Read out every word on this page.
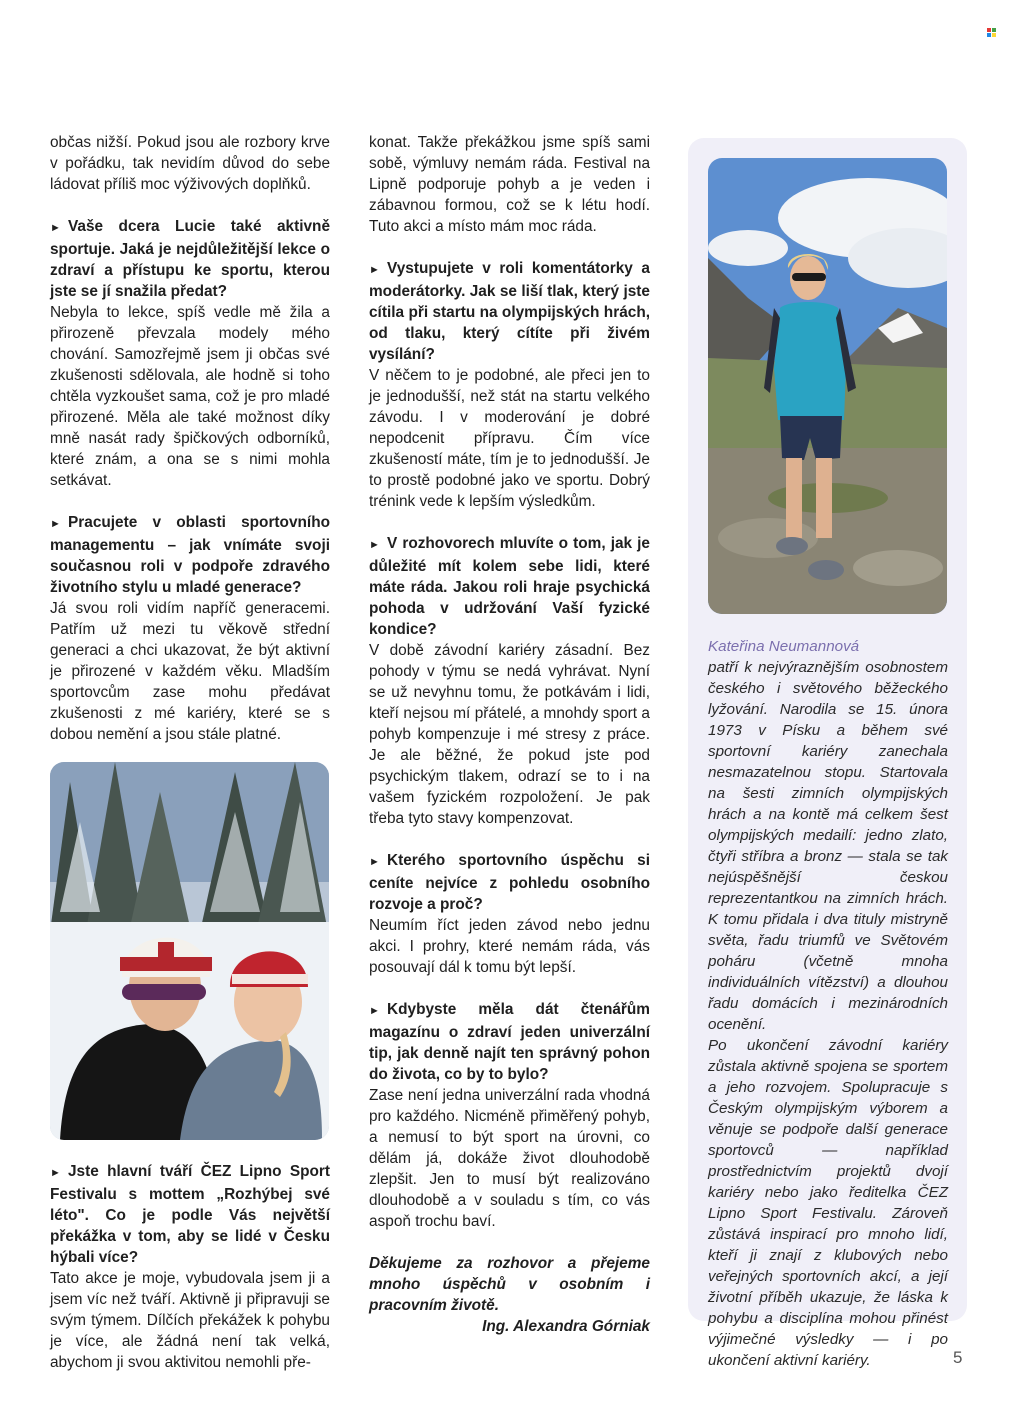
občas nižší. Pokud jsou ale rozbory krve v pořádku, tak nevidím důvod do sebe ládovat příliš moc výživových doplňků.

► Vaše dcera Lucie také aktivně sportuje. Jaká je nejdůležitější lekce o zdraví a přístupu ke sportu, kterou jste se jí snažila předat?

Nebyla to lekce, spíš vedle mě žila a přirozeně převzala modely mého chování. Samozřejmě jsem ji občas své zkušenosti sdělovala, ale hodně si toho chtěla vyzkoušet sama, což je pro mladé přirozené. Měla ale také možnost díky mně nasát rady špičkových odborníků, které znám, a ona se s nimi mohla setkávat.

► Pracujete v oblasti sportovního managementu – jak vnímáte svoji současnou roli v podpoře zdravého životního stylu u mladé generace?

Já svou roli vidím napříč generacemi. Patřím už mezi tu věkově střední generaci a chci ukazovat, že být aktivní je přirozené v každém věku. Mladším sportovcům zase mohu předávat zkušenosti z mé kariéry, které se s dobou nemění a jsou stále platné.

► Jste hlavní tváří ČEZ Lipno Sport Festivalu s mottem „Rozhýbej své léto". Co je podle Vás největší překážka v tom, aby se lidé v Česku hýbali více?

Tato akce je moje, vybudovala jsem ji a jsem víc než tváří. Aktivně ji připravuji se svým týmem. Dílčích překážek k pohybu je více, ale žádná není tak velká, abychom ji svou aktivitou nemohli pře-

konat. Takže překážkou jsme spíš sami sobě, výmluvy nemám ráda. Festival na Lipně podporuje pohyb a je veden i zábavnou formou, což se k létu hodí. Tuto akci a místo mám moc ráda.

► Vystupujete v roli komentátorky a moderátorky. Jak se liší tlak, který jste cítila při startu na olympijských hrách, od tlaku, který cítíte při živém vysílání?

V něčem to je podobné, ale přeci jen to je jednodušší, než stát na startu velkého závodu. I v moderování je dobré nepodcenit přípravu. Čím více zkušeností máte, tím je to jednodušší. Je to prostě podobné jako ve sportu. Dobrý trénink vede k lepším výsledkům.

► V rozhovorech mluvíte o tom, jak je důležité mít kolem sebe lidi, které máte ráda. Jakou roli hraje psychická pohoda v udržování Vaší fyzické kondice?

V době závodní kariéry zásadní. Bez pohody v týmu se nedá vyhrávat. Nyní se už nevyhnu tomu, že potkávám i lidi, kteří nejsou mí přátelé, a mnohdy sport a pohyb kompenzuje i mé stresy z práce. Je ale běžné, že pokud jste pod psychickým tlakem, odrazí se to i na vašem fyzickém rozpoložení. Je pak třeba tyto stavy kompenzovat.

► Kterého sportovního úspěchu si ceníte nejvíce z pohledu osobního rozvoje a proč?

Neumím říct jeden závod nebo jednu akci. I prohry, které nemám ráda, vás posouvají dál k tomu být lepší.

► Kdybyste měla dát čtenářům magazínu o zdraví jeden univerzální tip, jak denně najít ten správný pohon do života, co by to bylo?

Zase není jedna univerzální rada vhodná pro každého. Nicméně přiměřený pohyb, a nemusí to být sport na úrovni, co dělám já, dokáže život dlouhodobě zlepšit. Jen to musí být realizováno dlouhodobě a v souladu s tím, co vás aspoň trochu baví.

Děkujeme za rozhovor a přejeme mnoho úspěchů v osobním i pracovním životě.

Ing. Alexandra Górniak

Kateřina Neumannová
patří k nejvýraznějším osobnostem českého i světového běžeckého lyžování. Narodila se 15. února 1973 v Písku a během své sportovní kariéry zanechala nesmazatelnou stopu. Startovala na šesti zimních olympijských hrách a na kontě má celkem šest olympijských medailí: jedno zlato, čtyři stříbra a bronz — stala se tak nejúspěšnější českou reprezentantkou na zimních hrách. K tomu přidala i dva tituly mistryně světa, řadu triumfů ve Světovém poháru (včetně mnoha individuálních vítězství) a dlouhou řadu domácích i mezinárodních ocenění.

Po ukončení závodní kariéry zůstala aktivně spojena se sportem a jeho rozvojem. Spolupracuje s Českým olympijským výborem a věnuje se podpoře další generace sportovců — například prostřednictvím projektů dvojí kariéry nebo jako ředitelka ČEZ Lipno Sport Festivalu. Zároveň zůstává inspirací pro mnoho lidí, kteří ji znají z klubových nebo veřejných sportovních akcí, a její životní příběh ukazuje, že láska k pohybu a disciplína mohou přinést výjimečné výsledky — i po ukončení aktivní kariéry.	5
